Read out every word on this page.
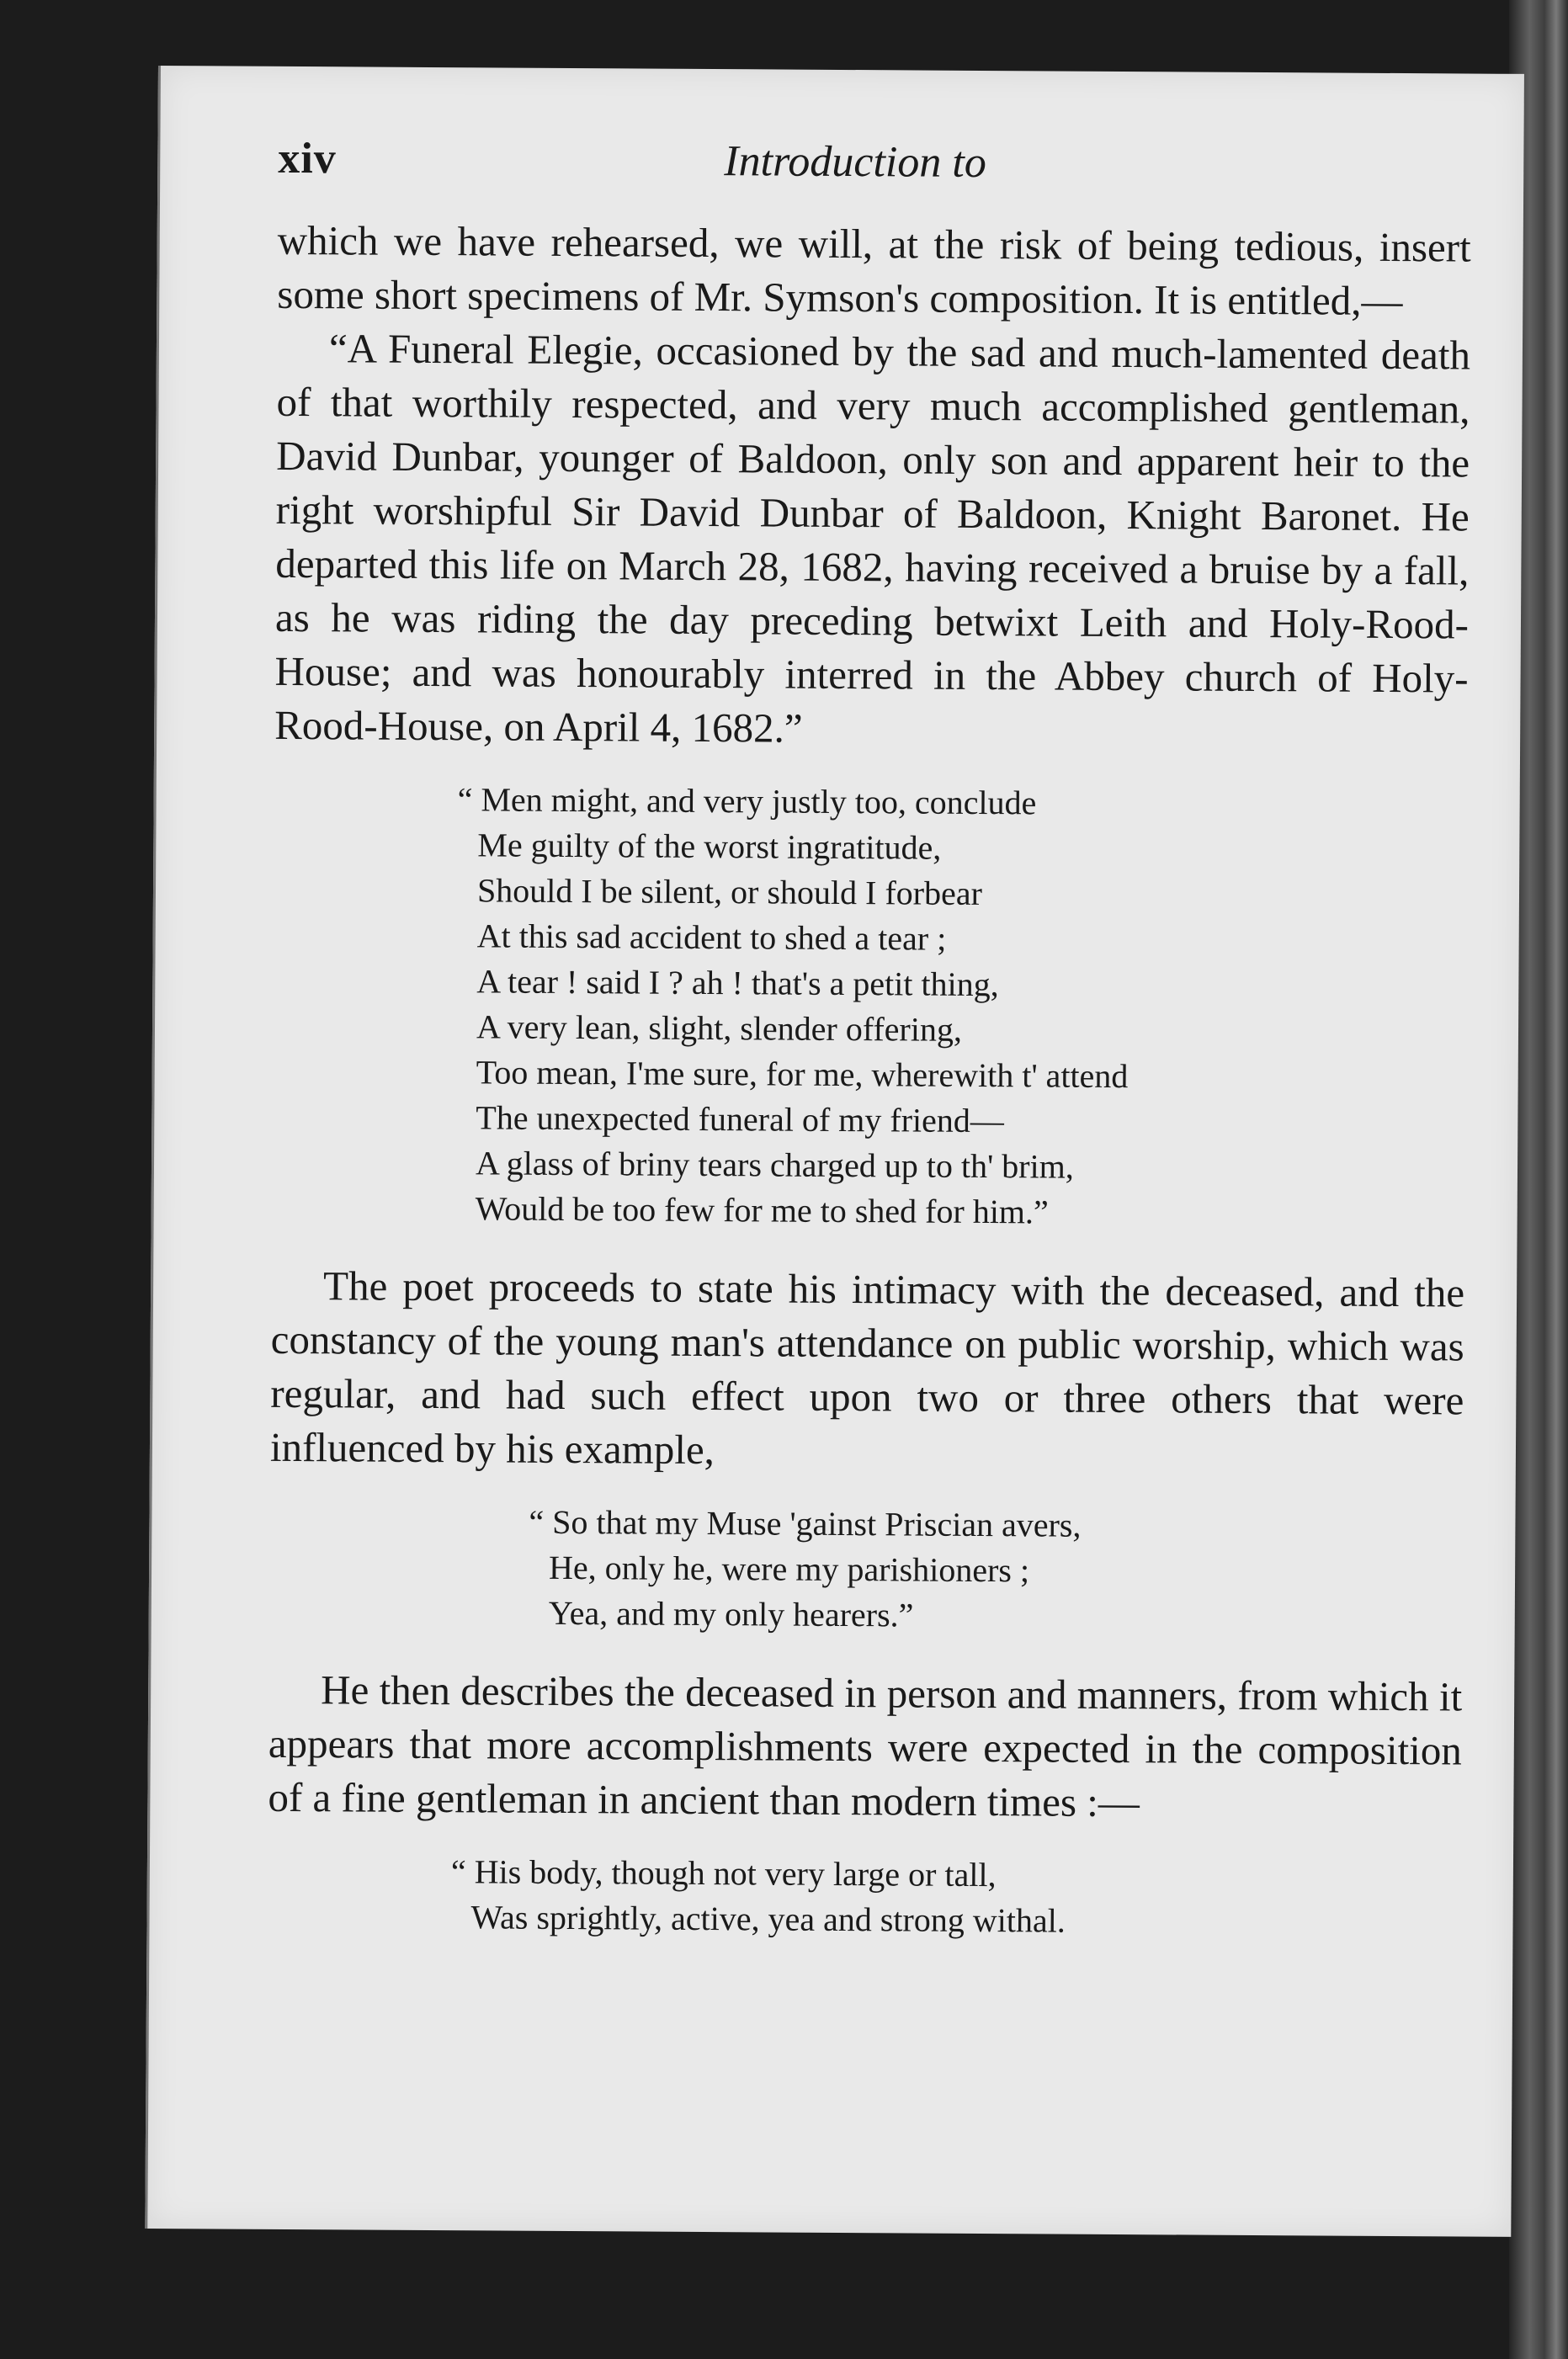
xiv	Introduction to

which we have rehearsed, we will, at the risk of being tedious, insert some short specimens of Mr. Symson's composition. It is entitled,—

“A Funeral Elegie, occasioned by the sad and much-lamented death of that worthily respected, and very much accomplished gentleman, David Dunbar, younger of Baldoon, only son and apparent heir to the right worshipful Sir David Dunbar of Baldoon, Knight Baronet. He departed this life on March 28, 1682, having received a bruise by a fall, as he was riding the day preceding betwixt Leith and Holy-Rood-House; and was honourably interred in the Abbey church of Holy-Rood-House, on April 4, 1682.”

“ Men might, and very justly too, conclude
Me guilty of the worst ingratitude,
Should I be silent, or should I forbear
At this sad accident to shed a tear ;
A tear ! said I ? ah ! that's a petit thing,
A very lean, slight, slender offering,
Too mean, I'me sure, for me, wherewith t' attend
The unexpected funeral of my friend—
A glass of briny tears charged up to th' brim,
Would be too few for me to shed for him.”

The poet proceeds to state his intimacy with the deceased, and the constancy of the young man's attendance on public worship, which was regular, and had such effect upon two or three others that were influenced by his example,

“ So that my Muse 'gainst Priscian avers,
He, only he, were my parishioners ;
Yea, and my only hearers.”

He then describes the deceased in person and manners, from which it appears that more accomplishments were expected in the composition of a fine gentleman in ancient than modern times :—

“ His body, though not very large or tall,
Was sprightly, active, yea and strong withal.
